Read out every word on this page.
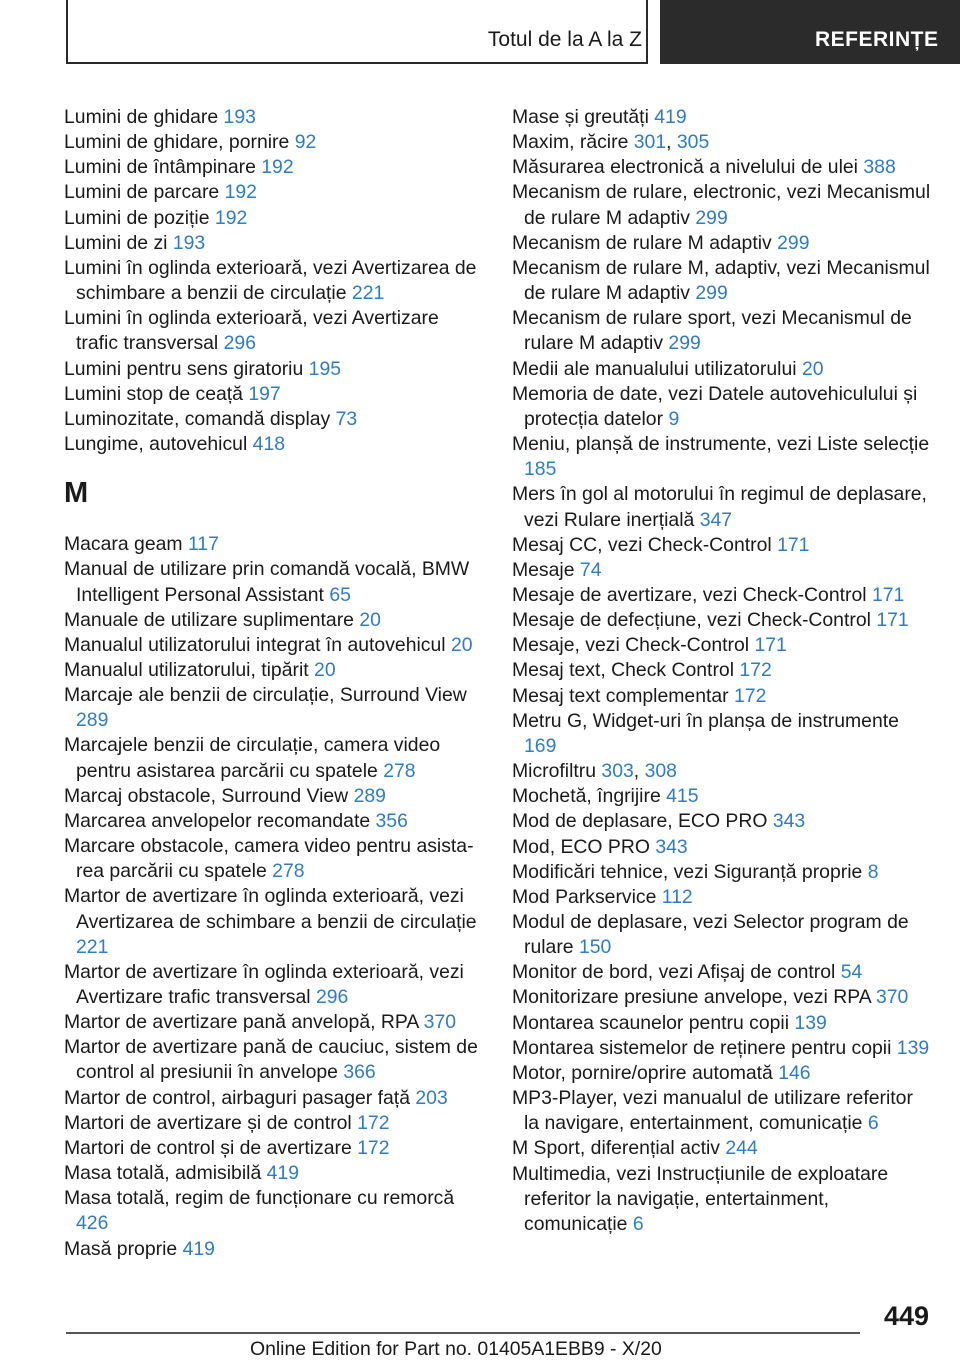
Totul de la A la Z	REFERINȚE
Lumini de ghidare 193
Lumini de ghidare, pornire 92
Lumini de întâmpinare 192
Lumini de parcare 192
Lumini de poziție 192
Lumini de zi 193
Lumini în oglinda exterioară, vezi Avertizarea de schimbare a benzii de circulație 221
Lumini în oglinda exterioară, vezi Avertizare trafic transversal 296
Lumini pentru sens giratoriu 195
Lumini stop de ceață 197
Luminozitate, comandă display 73
Lungime, autovehicul 418
M
Macara geam 117
Manual de utilizare prin comandă vocală, BMW Intelligent Personal Assistant 65
Manuale de utilizare suplimentare 20
Manualul utilizatorului integrat în autovehicul 20
Manualul utilizatorului, tipărit 20
Marcaje ale benzii de circulație, Surround View 289
Marcajele benzii de circulație, camera video pentru asistarea parcării cu spatele 278
Marcaj obstacole, Surround View 289
Marcarea anvelopelor recomandate 356
Marcare obstacole, camera video pentru asistarea parcării cu spatele 278
Martor de avertizare în oglinda exterioară, vezi Avertizarea de schimbare a benzii de circulație 221
Martor de avertizare în oglinda exterioară, vezi Avertizare trafic transversal 296
Martor de avertizare pană anvelopă, RPA 370
Martor de avertizare pană de cauciuc, sistem de control al presiunii în anvelope 366
Martor de control, airbaguri pasager față 203
Martori de avertizare și de control 172
Martori de control și de avertizare 172
Masa totală, admisibilă 419
Masa totală, regim de funcționare cu remorcă 426
Masă proprie 419
Mase și greutăți 419
Maxim, răcire 301, 305
Măsurarea electronică a nivelului de ulei 388
Mecanism de rulare, electronic, vezi Mecanismul de rulare M adaptiv 299
Mecanism de rulare M adaptiv 299
Mecanism de rulare M, adaptiv, vezi Mecanismul de rulare M adaptiv 299
Mecanism de rulare sport, vezi Mecanismul de rulare M adaptiv 299
Medii ale manualului utilizatorului 20
Memoria de date, vezi Datele autovehiculului și protecția datelor 9
Meniu, planșă de instrumente, vezi Liste selecție 185
Mers în gol al motorului în regimul de deplasare, vezi Rulare inerțială 347
Mesaj CC, vezi Check-Control 171
Mesaje 74
Mesaje de avertizare, vezi Check-Control 171
Mesaje de defecțiune, vezi Check-Control 171
Mesaje, vezi Check-Control 171
Mesaj text, Check Control 172
Mesaj text complementar 172
Metru G, Widget-uri în planșa de instrumente 169
Microfiltru 303, 308
Mochetă, îngrijire 415
Mod de deplasare, ECO PRO 343
Mod, ECO PRO 343
Modificări tehnice, vezi Siguranță proprie 8
Mod Parkservice 112
Modul de deplasare, vezi Selector program de rulare 150
Monitor de bord, vezi Afișaj de control 54
Monitorizare presiune anvelope, vezi RPA 370
Montarea scaunelor pentru copii 139
Montarea sistemelor de reținere pentru copii 139
Motor, pornire/oprire automată 146
MP3-Player, vezi manualul de utilizare referitor la navigare, entertainment, comunicație 6
M Sport, diferențial activ 244
Multimedia, vezi Instrucțiunile de exploatare referitor la navigație, entertainment, comunicație 6
449
Online Edition for Part no. 01405A1EBB9 - X/20
